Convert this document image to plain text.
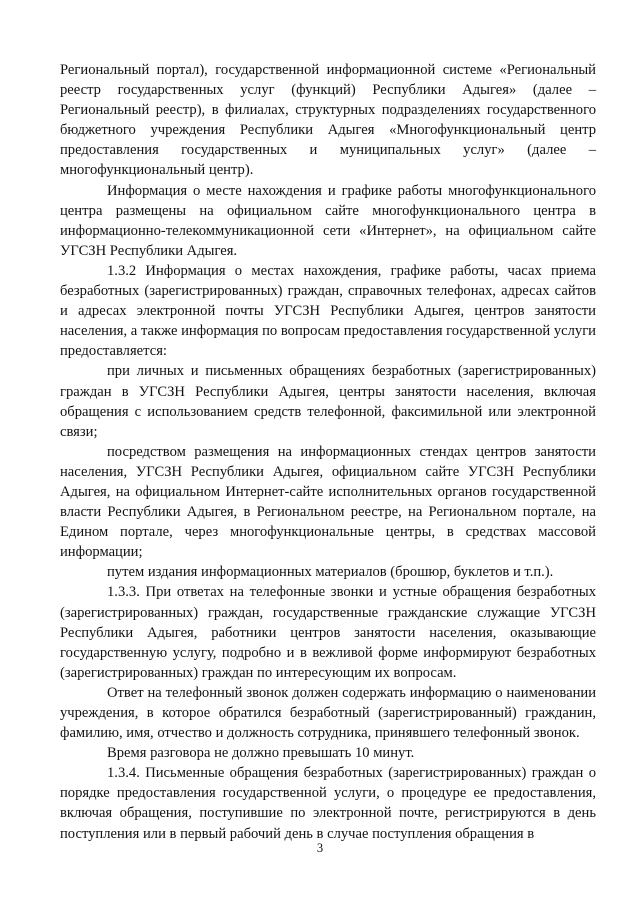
Региональный портал), государственной информационной системе «Региональный реестр государственных услуг (функций) Республики Адыгея» (далее – Региональный реестр), в филиалах, структурных подразделениях государственного бюджетного учреждения Республики Адыгея «Многофункциональный центр предоставления государственных и муниципальных услуг» (далее – многофункциональный центр).

Информация о месте нахождения и графике работы многофункционального центра размещены на официальном сайте многофункционального центра в информационно-телекоммуникационной сети «Интернет», на официальном сайте УГСЗН Республики Адыгея.

1.3.2 Информация о местах нахождения, графике работы, часах приема безработных (зарегистрированных) граждан, справочных телефонах, адресах сайтов и адресах электронной почты УГСЗН Республики Адыгея, центров занятости населения, а также информация по вопросам предоставления государственной услуги предоставляется:

при личных и письменных обращениях безработных (зарегистрированных) граждан в УГСЗН Республики Адыгея, центры занятости населения, включая обращения с использованием средств телефонной, факсимильной или электронной связи;

посредством размещения на информационных стендах центров занятости населения, УГСЗН Республики Адыгея, официальном сайте УГСЗН Республики Адыгея, на официальном Интернет-сайте исполнительных органов государственной власти Республики Адыгея, в Региональном реестре, на Региональном портале, на Едином портале, через многофункциональные центры, в средствах массовой информации;

путем издания информационных материалов (брошюр, буклетов и т.п.).

1.3.3. При ответах на телефонные звонки и устные обращения безработных (зарегистрированных) граждан, государственные гражданские служащие УГСЗН Республики Адыгея, работники центров занятости населения, оказывающие государственную услугу, подробно и в вежливой форме информируют безработных (зарегистрированных) граждан по интересующим их вопросам.

Ответ на телефонный звонок должен содержать информацию о наименовании учреждения, в которое обратился безработный (зарегистрированный) гражданин, фамилию, имя, отчество и должность сотрудника, принявшего телефонный звонок.

Время разговора не должно превышать 10 минут.

1.3.4. Письменные обращения безработных (зарегистрированных) граждан о порядке предоставления государственной услуги, о процедуре ее предоставления, включая обращения, поступившие по электронной почте, регистрируются в день поступления или в первый рабочий день в случае поступления обращения в

3
